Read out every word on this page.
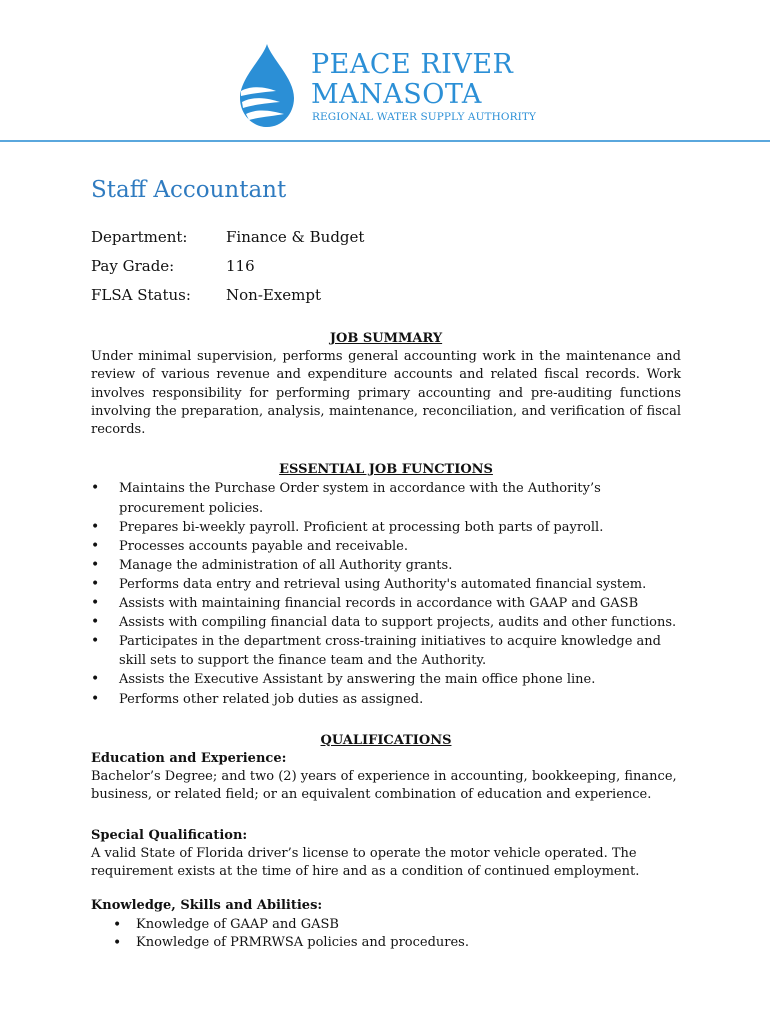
PEACE RIVER
MANASOTA
REGIONAL WATER SUPPLY AUTHORITY
Staff Accountant
Department:	Finance & Budget
Pay Grade:	116
FLSA Status:	Non-Exempt
JOB SUMMARY

Under minimal supervision, performs general accounting work in the maintenance and review of various revenue and expenditure accounts and related fiscal records. Work involves responsibility for performing primary accounting and pre-auditing functions involving the preparation, analysis, maintenance, reconciliation, and verification of fiscal records.

ESSENTIAL JOB FUNCTIONS
• Maintains the Purchase Order system in accordance with the Authority’s procurement policies.
• Prepares bi-weekly payroll. Proficient at processing both parts of payroll.
• Processes accounts payable and receivable.
• Manage the administration of all Authority grants.
• Performs data entry and retrieval using Authority's automated financial system.
• Assists with maintaining financial records in accordance with GAAP and GASB
• Assists with compiling financial data to support projects, audits and other functions.
• Participates in the department cross-training initiatives to acquire knowledge and skill sets to support the finance team and the Authority.
• Assists the Executive Assistant by answering the main office phone line.
• Performs other related job duties as assigned.
QUALIFICATIONS
Education and Experience:

Bachelor’s Degree; and two (2) years of experience in accounting, bookkeeping, finance, business, or related field; or an equivalent combination of education and experience.

Special Qualification:

A valid State of Florida driver’s license to operate the motor vehicle operated. The requirement exists at the time of hire and as a condition of continued employment.

Knowledge, Skills and Abilities:
• Knowledge of GAAP and GASB
• Knowledge of PRMRWSA policies and procedures.
